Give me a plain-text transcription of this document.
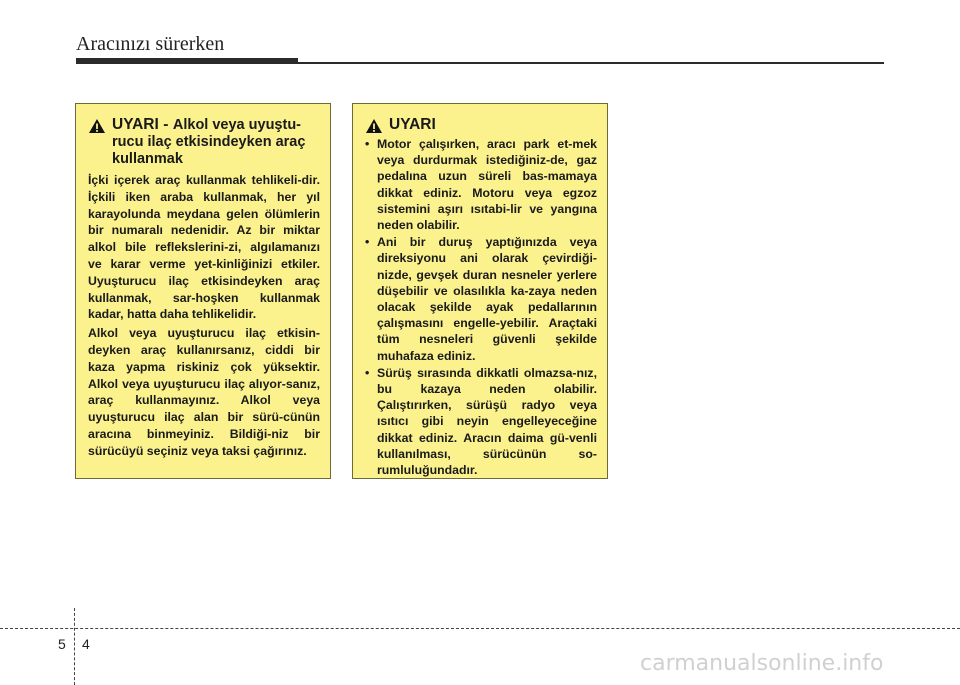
Aracınızı sürerken
UYARI - Alkol veya uyuştu-
rucu ilaç etkisindeyken araç kullanmak

İçki içerek araç kullanmak tehlikeli-dir. İçkili iken araba kullanmak, her yıl karayolunda meydana gelen ölümlerin bir numaralı nedenidir. Az bir miktar alkol bile reflekslerini-zi, algılamanızı ve karar verme yet-kinliğinizi etkiler. Uyuşturucu ilaç etkisindeyken araç kullanmak, sar-hoşken kullanmak kadar, hatta daha tehlikelidir.

Alkol veya uyuşturucu ilaç etkisin-deyken araç kullanırsanız, ciddi bir kaza yapma riskiniz çok yüksektir. Alkol veya uyuşturucu ilaç alıyor-sanız, araç kullanmayınız. Alkol veya uyuşturucu ilaç alan bir sürü-cünün aracına binmeyiniz. Bildiği-niz bir sürücüyü seçiniz veya taksi çağırınız.

UYARI
• Motor çalışırken, aracı park et-mek veya durdurmak istediğiniz-de, gaz pedalına uzun süreli bas-mamaya dikkat ediniz. Motoru veya egzoz sistemini aşırı ısıtabi-lir ve yangına neden olabilir.
• Ani bir duruş yaptığınızda veya direksiyonu ani olarak çevirdiği-nizde, gevşek duran nesneler yerlere düşebilir ve olasılıkla ka-zaya neden olacak şekilde ayak pedallarının çalışmasını engelle-yebilir. Araçtaki tüm nesneleri güvenli şekilde muhafaza ediniz.
• Sürüş sırasında dikkatli olmazsa-nız, bu kazaya neden olabilir. Çalıştırırken, sürüşü radyo veya ısıtıcı gibi neyin engelleyeceğine dikkat ediniz. Aracın daima gü-venli kullanılması, sürücünün so-rumluluğundadır.
5 4
carmanualsonline.info
